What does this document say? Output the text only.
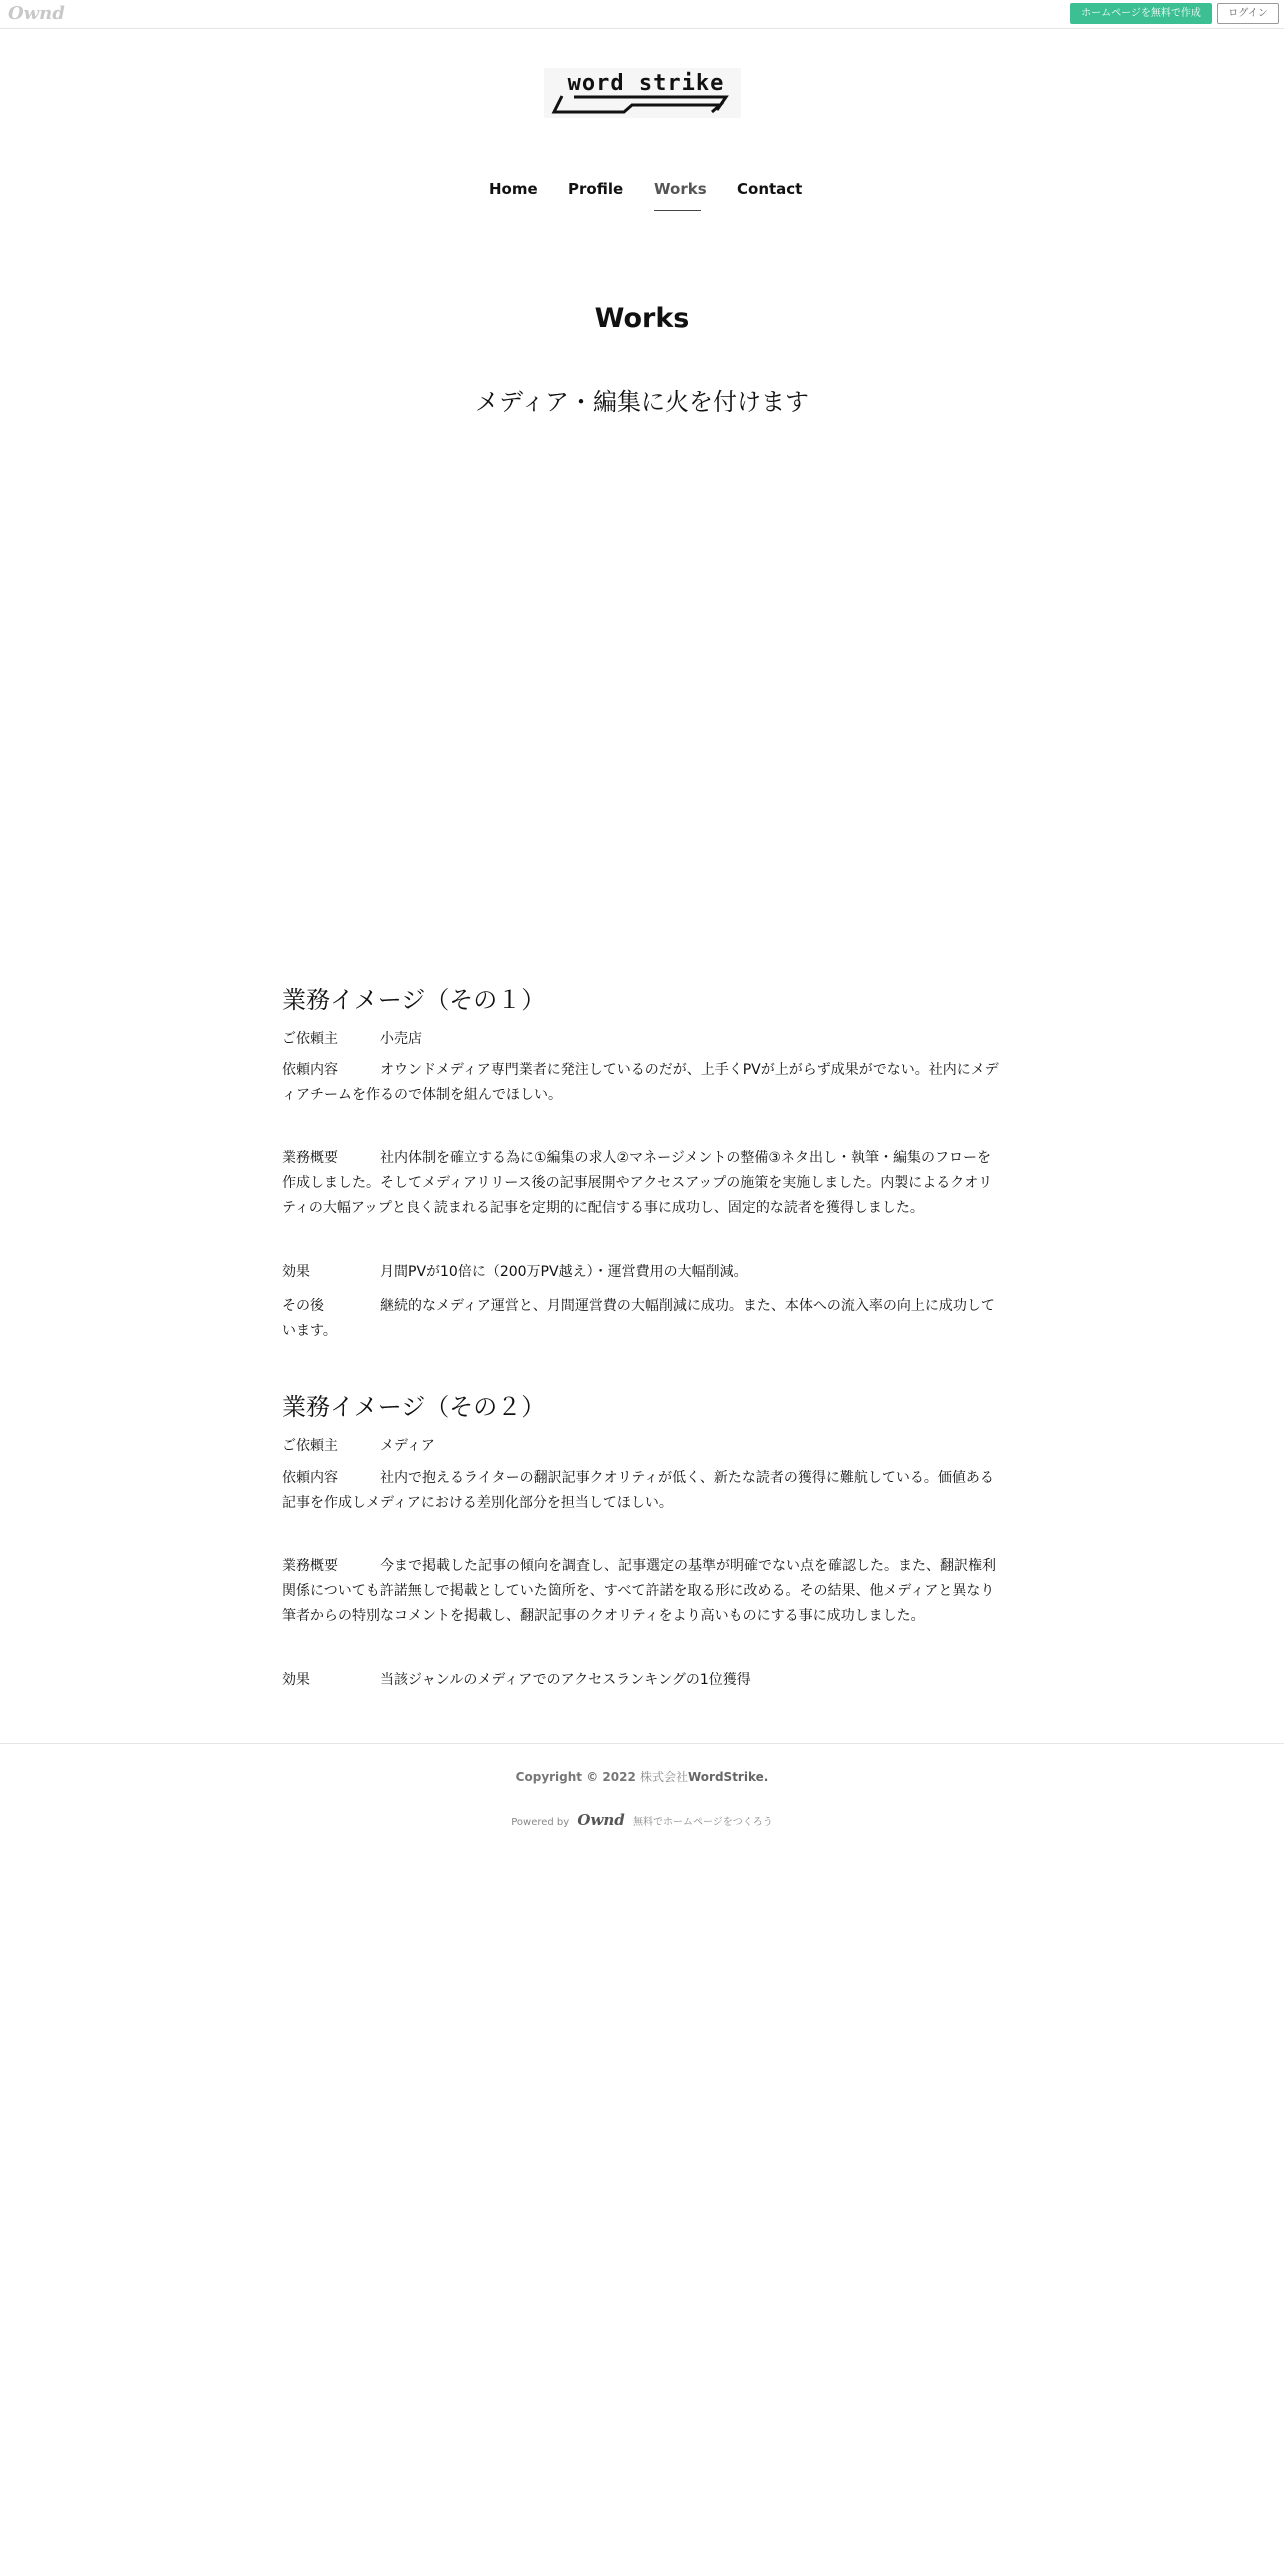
Ownd	ホームページを無料で作成	ログイン
word strike
Home Profile Works Contact
Works
メディア・編集に火を付けます
業務イメージ（その１）
ご依頼主	小売店
依頼内容	オウンドメディア専門業者に発注しているのだが、上手くPVが上がらず成果がでない。社内にメディアチームを作るので体制を組んでほしい。
業務概要	社内体制を確立する為に①編集の求人②マネージメントの整備③ネタ出し・執筆・編集のフローを作成しました。そしてメディアリリース後の記事展開やアクセスアップの施策を実施しました。内製によるクオリティの大幅アップと良く読まれる記事を定期的に配信する事に成功し、固定的な読者を獲得しました。
効果	月間PVが10倍に（200万PV越え）・運営費用の大幅削減。
その後	継続的なメディア運営と、月間運営費の大幅削減に成功。また、本体への流入率の向上に成功しています。
業務イメージ（その２）
ご依頼主	メディア
依頼内容	社内で抱えるライターの翻訳記事クオリティが低く、新たな読者の獲得に難航している。価値ある記事を作成しメディアにおける差別化部分を担当してほしい。
業務概要	今まで掲載した記事の傾向を調査し、記事選定の基準が明確でない点を確認した。また、翻訳権利関係についても許諾無しで掲載としていた箇所を、すべて許諾を取る形に改める。その結果、他メディアと異なり筆者からの特別なコメントを掲載し、翻訳記事のクオリティをより高いものにする事に成功しました。
効果	当該ジャンルのメディアでのアクセスランキングの1位獲得
Copyright © 2022 株式会社WordStrike.
Powered by Ownd 無料でホームページをつくろう
